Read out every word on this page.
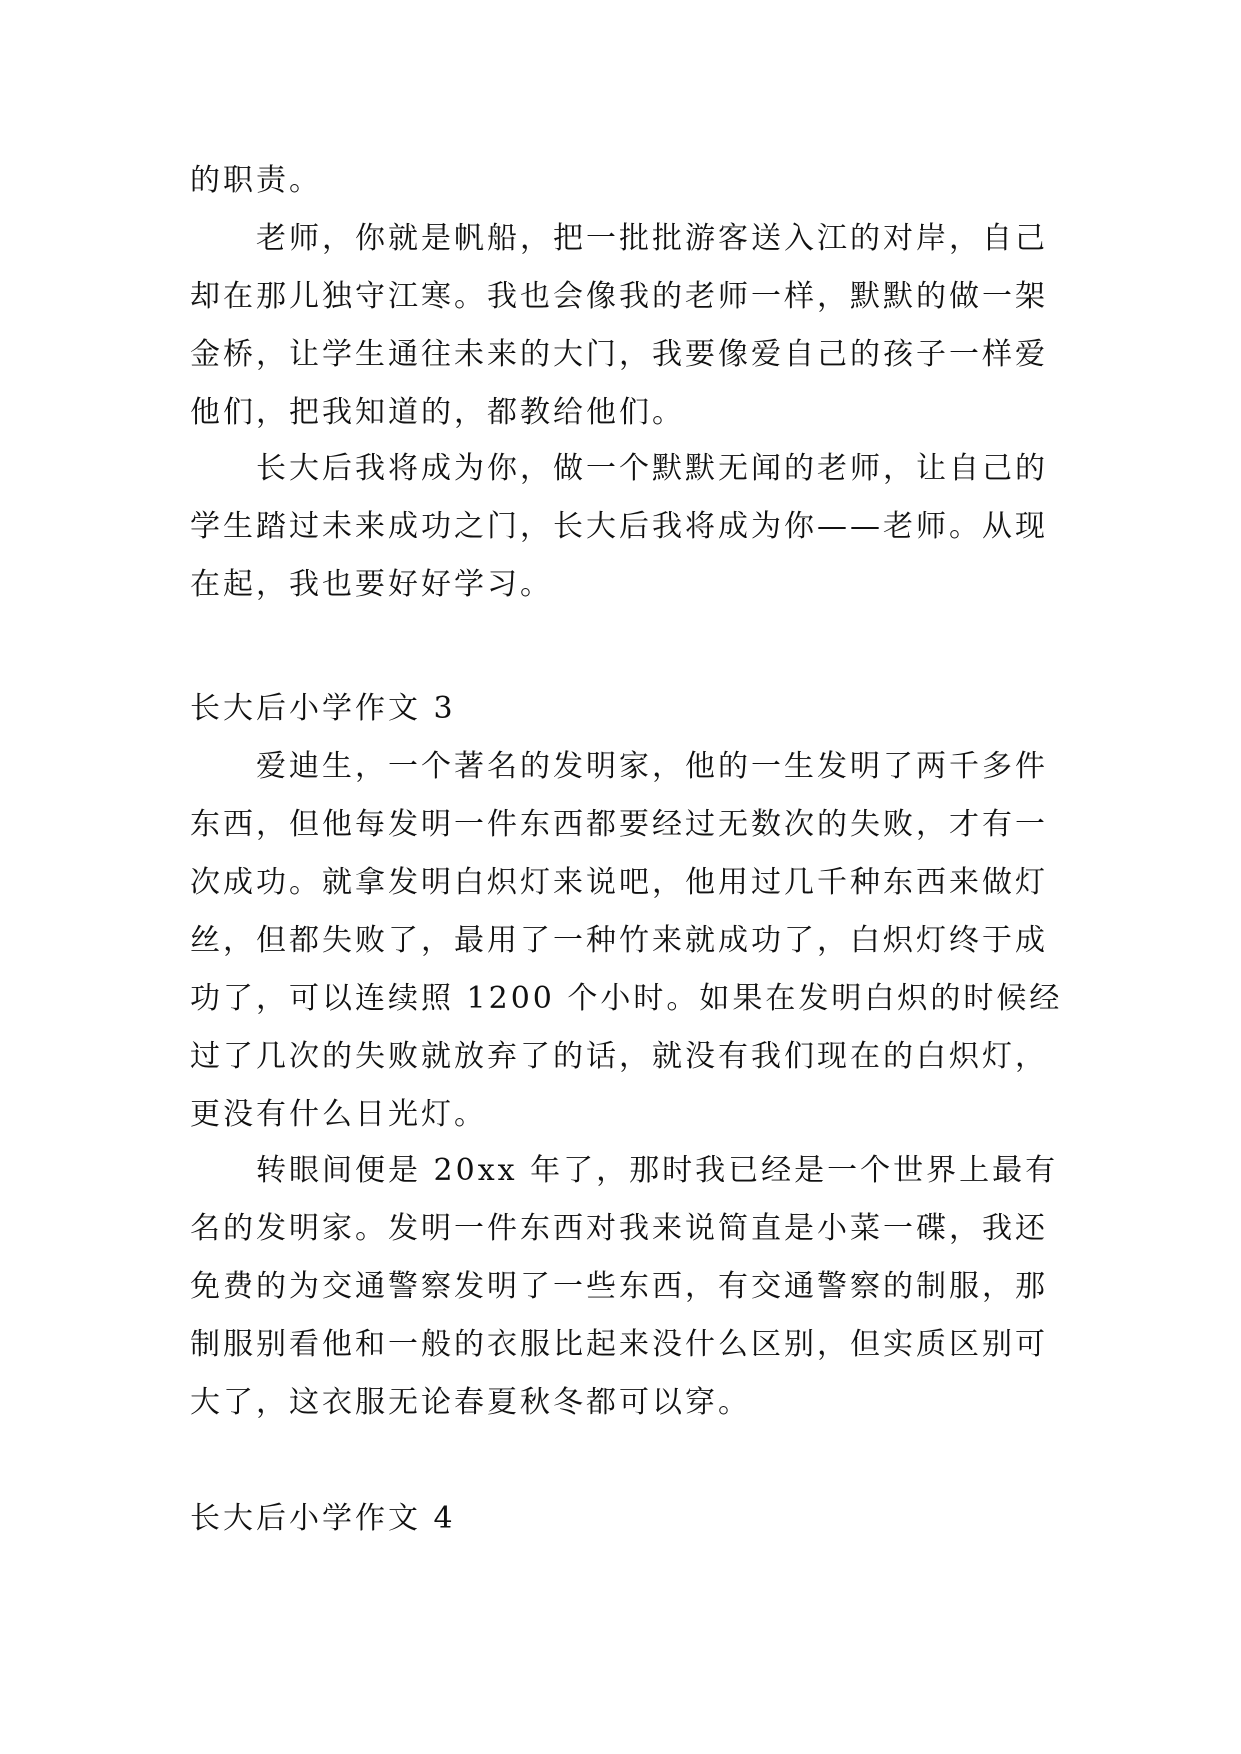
的职责。
　　老师，你就是帆船，把一批批游客送入江的对岸，自己
却在那儿独守江寒。我也会像我的老师一样，默默的做一架
金桥，让学生通往未来的大门，我要像爱自己的孩子一样爱
他们，把我知道的，都教给他们。
　　长大后我将成为你，做一个默默无闻的老师，让自己的
学生踏过未来成功之门，长大后我将成为你——老师。从现
在起，我也要好好学习。
长大后小学作文 3
　　爱迪生，一个著名的发明家，他的一生发明了两千多件
东西，但他每发明一件东西都要经过无数次的失败，才有一
次成功。就拿发明白炽灯来说吧，他用过几千种东西来做灯
丝，但都失败了，最用了一种竹来就成功了，白炽灯终于成
功了，可以连续照 1200 个小时。如果在发明白炽的时候经
过了几次的失败就放弃了的话，就没有我们现在的白炽灯，
更没有什么日光灯。
　　转眼间便是 20xx 年了，那时我已经是一个世界上最有
名的发明家。发明一件东西对我来说简直是小菜一碟，我还
免费的为交通警察发明了一些东西，有交通警察的制服，那
制服别看他和一般的衣服比起来没什么区别，但实质区别可
大了，这衣服无论春夏秋冬都可以穿。
长大后小学作文 4
